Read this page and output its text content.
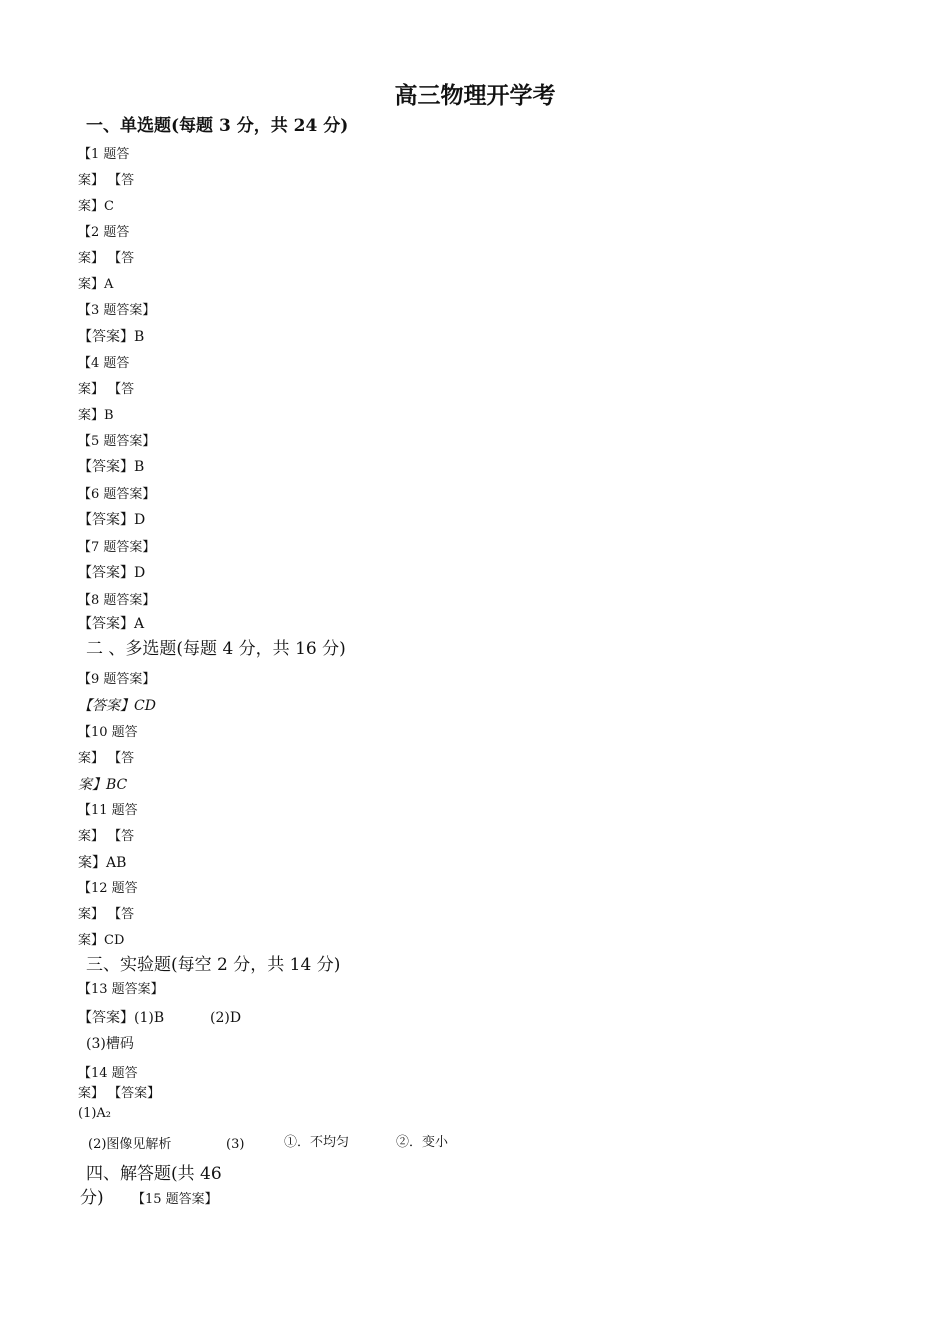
高三物理开学考
一、单选题(每题 3 分，共 24 分)
【1 题答
案】 【答
案】C
【2 题答
案】 【答
案】A
【3 题答案】
【答案】B
【4 题答
案】 【答
案】B
【5 题答案】
【答案】B
【6 题答案】
【答案】D
【7 题答案】
【答案】D
【8 题答案】
【答案】A
二 、多选题(每题 4 分，共 16 分)
【9 题答案】
【答案】CD
【10 题答
案】 【答
案】BC
【11 题答
案】 【答
案】AB
【12 题答
案】 【答
案】CD
三、实验题(每空 2 分，共 14 分)
【13 题答案】
【答案】(1)B	(2)D
(3)槽码
【14 题答
案】 【答案】
(1)A₂
(2)图像见解析	(3)	①．不均匀	②．变小
四、解答题(共 46
分) 【15 题答案】
